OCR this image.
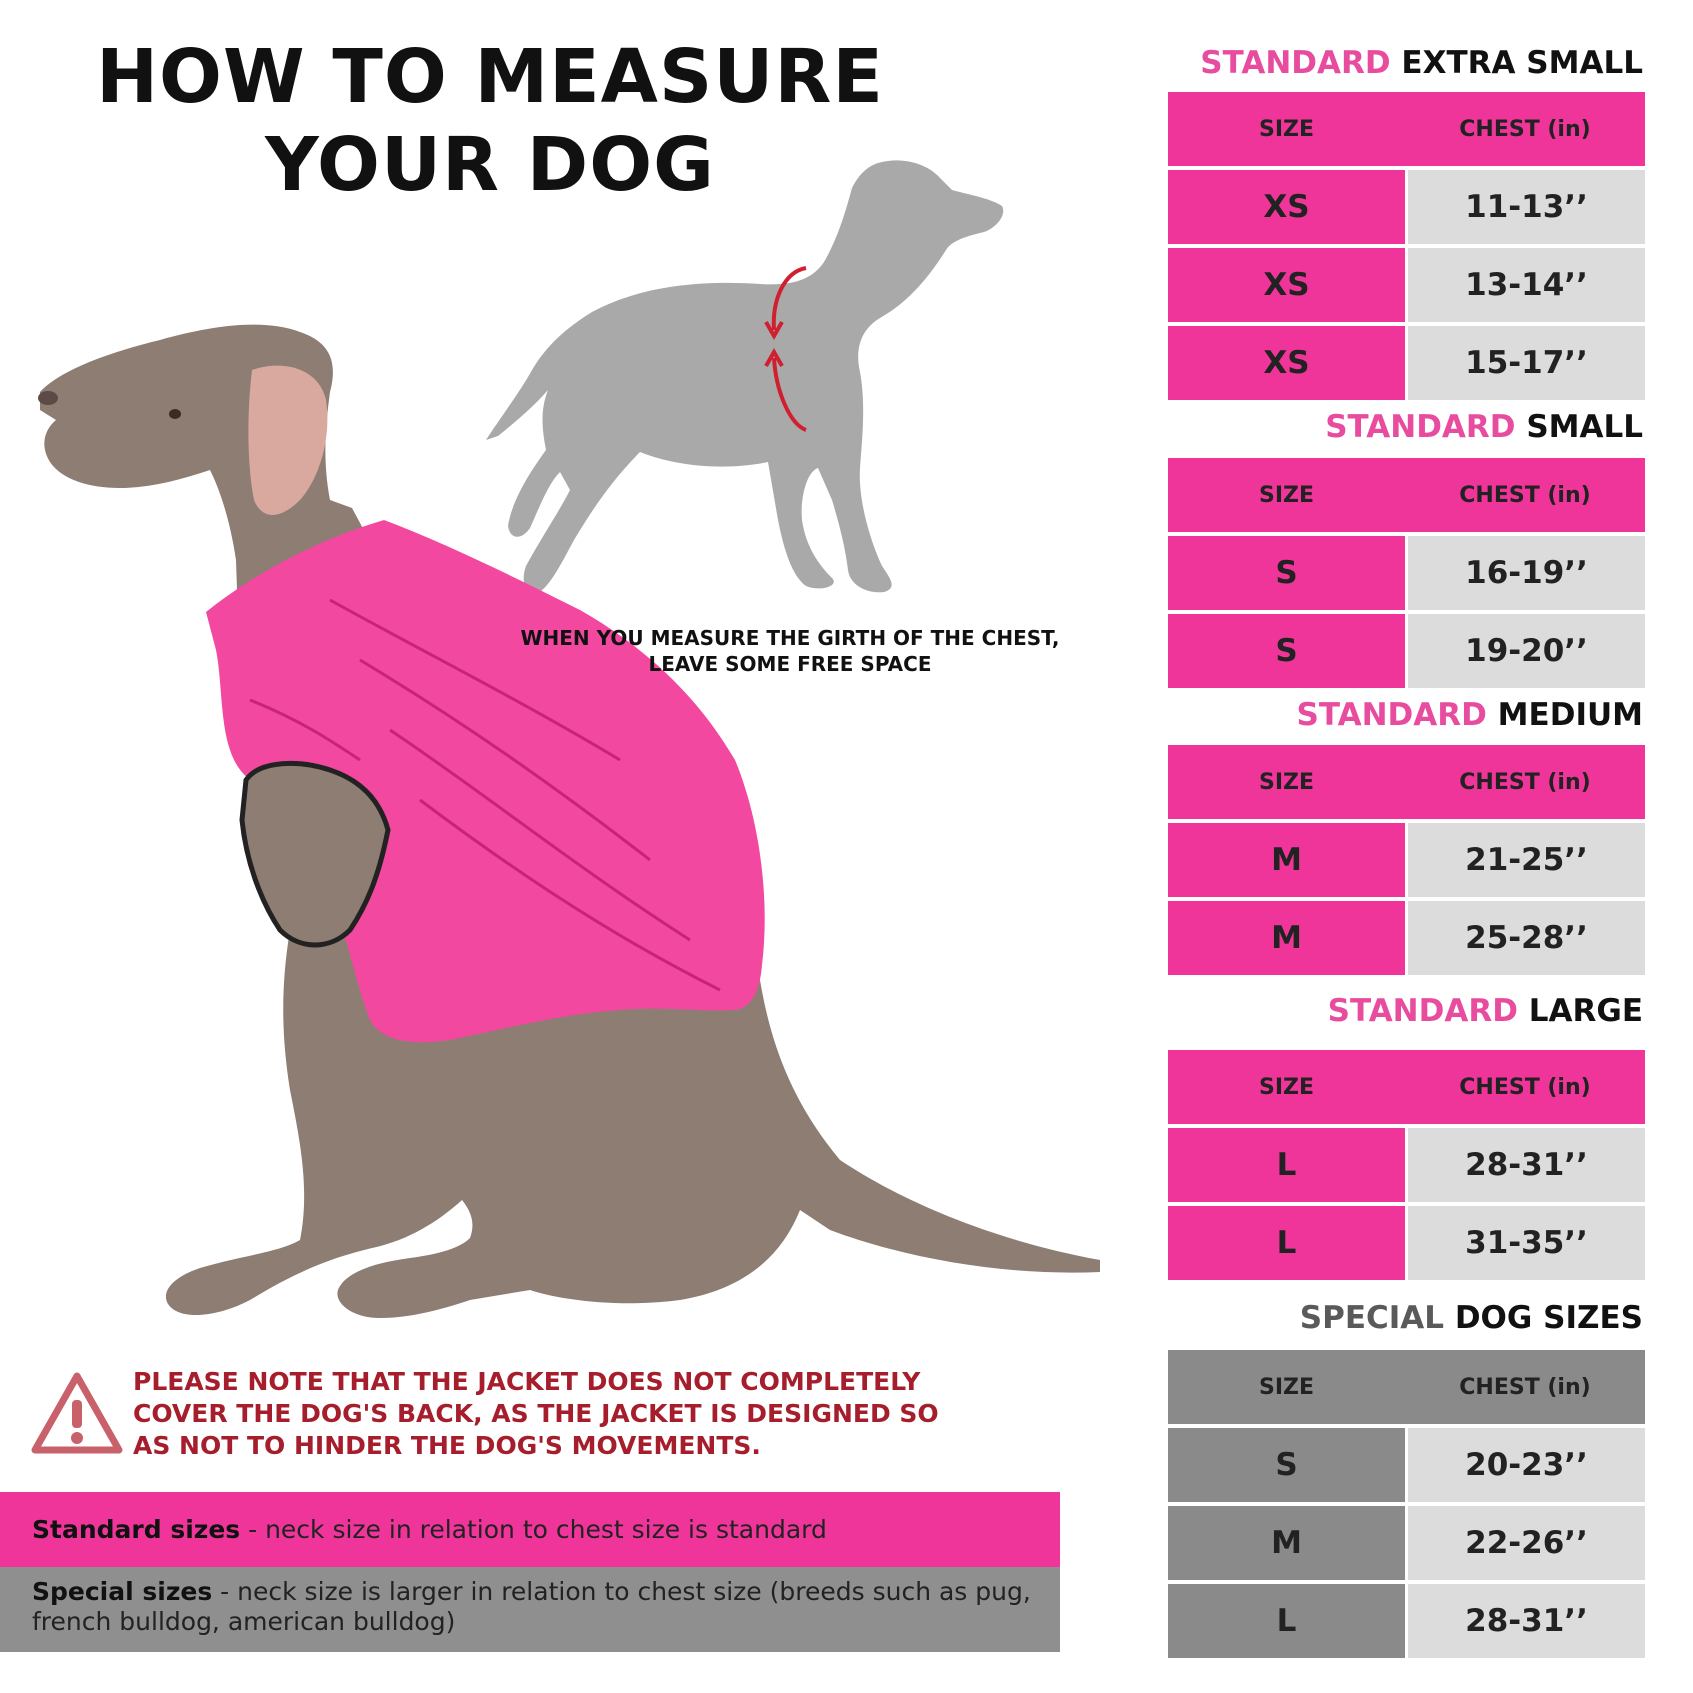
HOW TO MEASURE
YOUR DOG
WHEN YOU MEASURE THE GIRTH OF THE CHEST,
LEAVE SOME FREE SPACE
PLEASE NOTE THAT THE JACKET DOES NOT COMPLETELY
COVER THE DOG'S BACK, AS THE JACKET IS DESIGNED SO
AS NOT TO HINDER THE DOG'S MOVEMENTS.
Standard sizes - neck size in relation to chest size is standard
Special sizes - neck size is larger in relation to chest size (breeds such as pug, french bulldog, american bulldog)
STANDARD EXTRA SMALL
SIZE	CHEST (in)
XS	11-13’’
XS	13-14’’
XS	15-17’’
STANDARD SMALL
SIZE	CHEST (in)
S	16-19’’
S	19-20’’
STANDARD MEDIUM
SIZE	CHEST (in)
M	21-25’’
M	25-28’’
STANDARD LARGE
SIZE	CHEST (in)
L	28-31’’
L	31-35’’
SPECIAL DOG SIZES
SIZE	CHEST (in)
S	20-23’’
M	22-26’’
L	28-31’’
